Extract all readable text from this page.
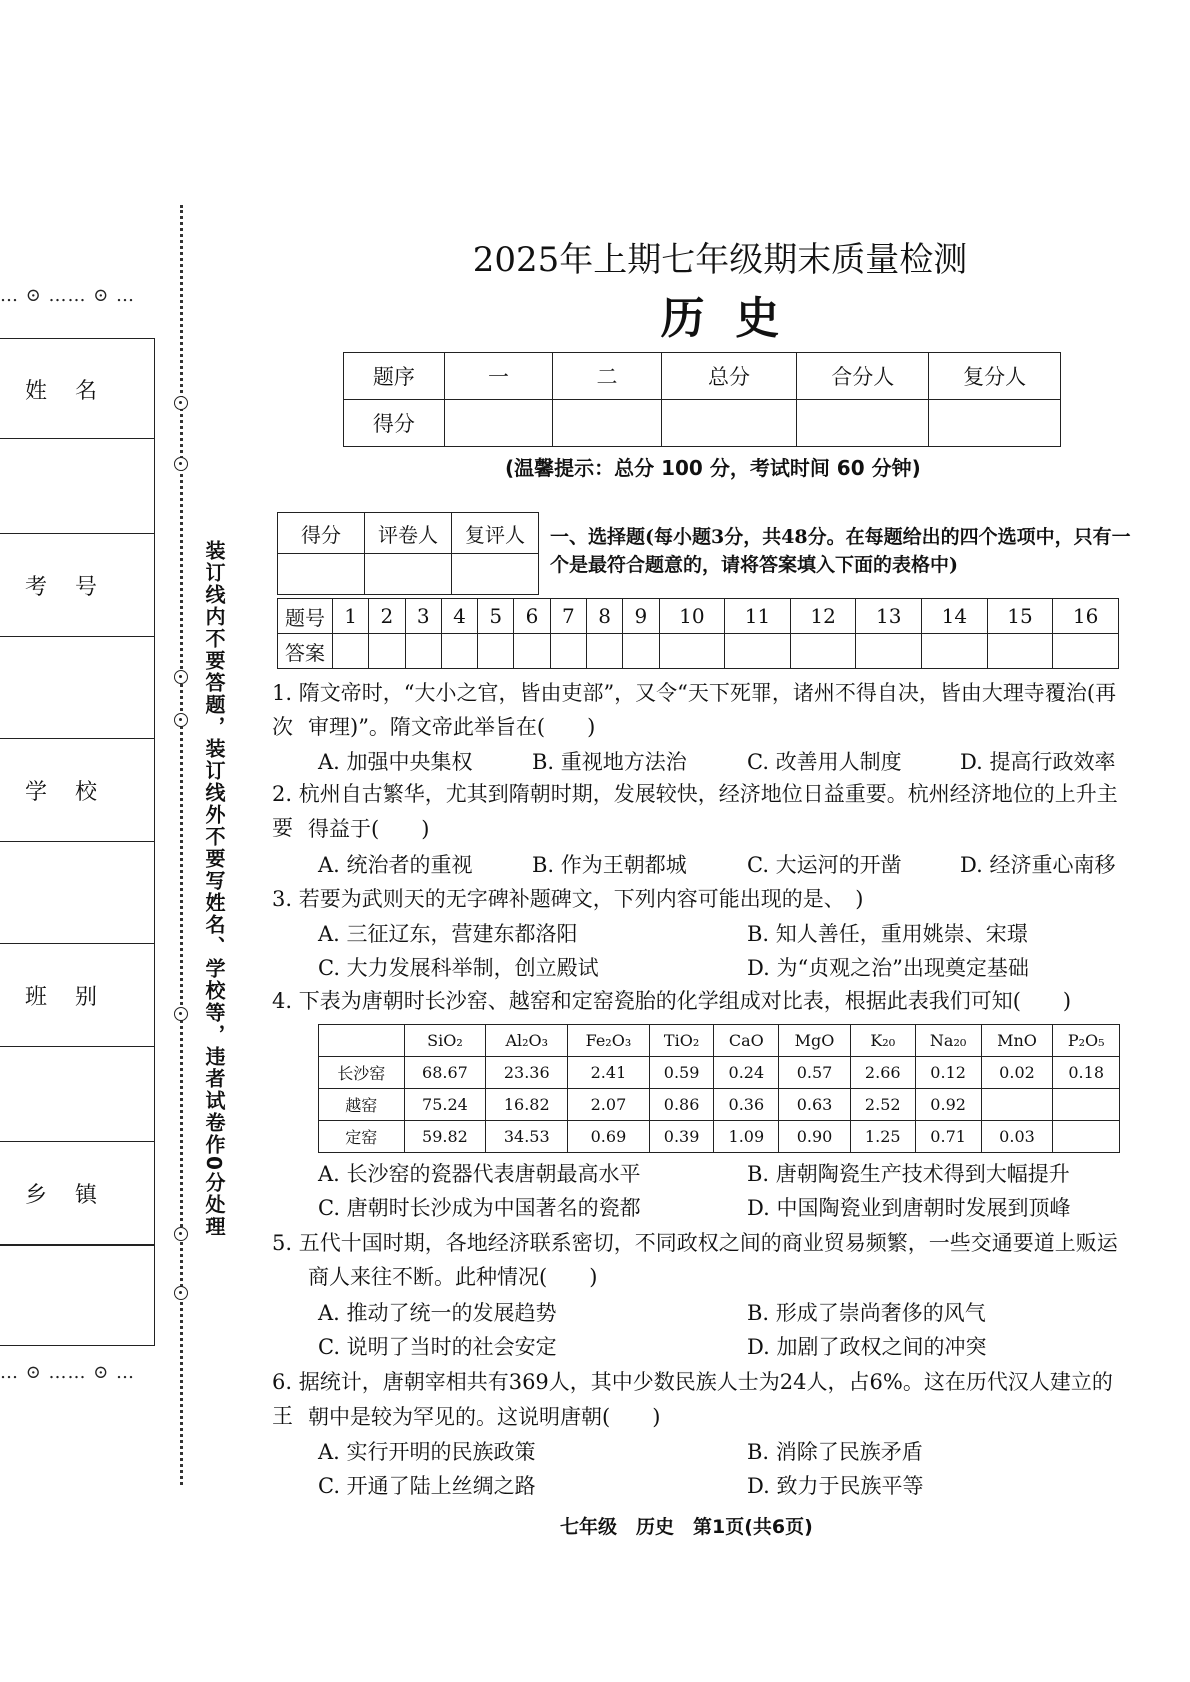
… ⊙ …… ⊙ …
… ⊙ …… ⊙ …
姓名
考号
学校
班别
乡镇	装订线内不要答题，装订线外不要写姓名、学校等，违者试卷作0分处理
2025年上期七年级期末质量检测
历  史
题序	一	二	总分	合分人	复分人
得分					
(温馨提示：总分 100 分，考试时间 60 分钟)
得分	评卷人	复评人
		一、选择题(每小题3分，共48分。在每题给出的四个选项中，只有一
个是最符合题意的，请将答案填入下面的表格中)
题号	1	2	3	4	5	6	7	8	9	10	11	12	13	14	15	16
答案																
1. 隋文帝时，“大小之官，皆由吏部”，又令“天下死罪，诸州不得自决，皆由大理寺覆治(再次 审理)”。隋文帝此举旨在(　　)
A. 加强中央集权	B. 重视地方法治	C. 改善用人制度	D. 提高行政效率
2. 杭州自古繁华，尤其到隋朝时期，发展较快，经济地位日益重要。杭州经济地位的上升主要 得益于(　　)
A. 统治者的重视	B. 作为王朝都城	C. 大运河的开凿	D. 经济重心南移
3. 若要为武则天的无字碑补题碑文，下列内容可能出现的是、　)
A. 三征辽东，营建东都洛阳	B. 知人善任，重用姚崇、宋璟
C. 大力发展科举制，创立殿试	D. 为“贞观之治”出现奠定基础
4. 下表为唐朝时长沙窑、越窑和定窑瓷胎的化学组成对比表，根据此表我们可知(　　)
	SiO₂	Al₂O₃	Fe₂O₃	TiO₂	CaO	MgO	K₂₀	Na₂₀	MnO	P₂O₅
长沙窑	68.67	23.36	2.41	0.59	0.24	0.57	2.66	0.12	0.02	0.18
越窑	75.24	16.82	2.07	0.86	0.36	0.63	2.52	0.92		
定窑	59.82	34.53	0.69	0.39	1.09	0.90	1.25	0.71	0.03	
A. 长沙窑的瓷器代表唐朝最高水平	B. 唐朝陶瓷生产技术得到大幅提升
C. 唐朝时长沙成为中国著名的瓷都	D. 中国陶瓷业到唐朝时发展到顶峰
5. 五代十国时期，各地经济联系密切，不同政权之间的商业贸易频繁，一些交通要道上贩运
商人来往不断。此种情况(　　)
A. 推动了统一的发展趋势	B. 形成了崇尚奢侈的风气
C. 说明了当时的社会安定	D. 加剧了政权之间的冲突
6. 据统计，唐朝宰相共有369人，其中少数民族人士为24人，占6%。这在历代汉人建立的王 朝中是较为罕见的。这说明唐朝(　　)
A. 实行开明的民族政策	B. 消除了民族矛盾
C. 开通了陆上丝绸之路	D. 致力于民族平等
七年级　历史　第1页(共6页)
